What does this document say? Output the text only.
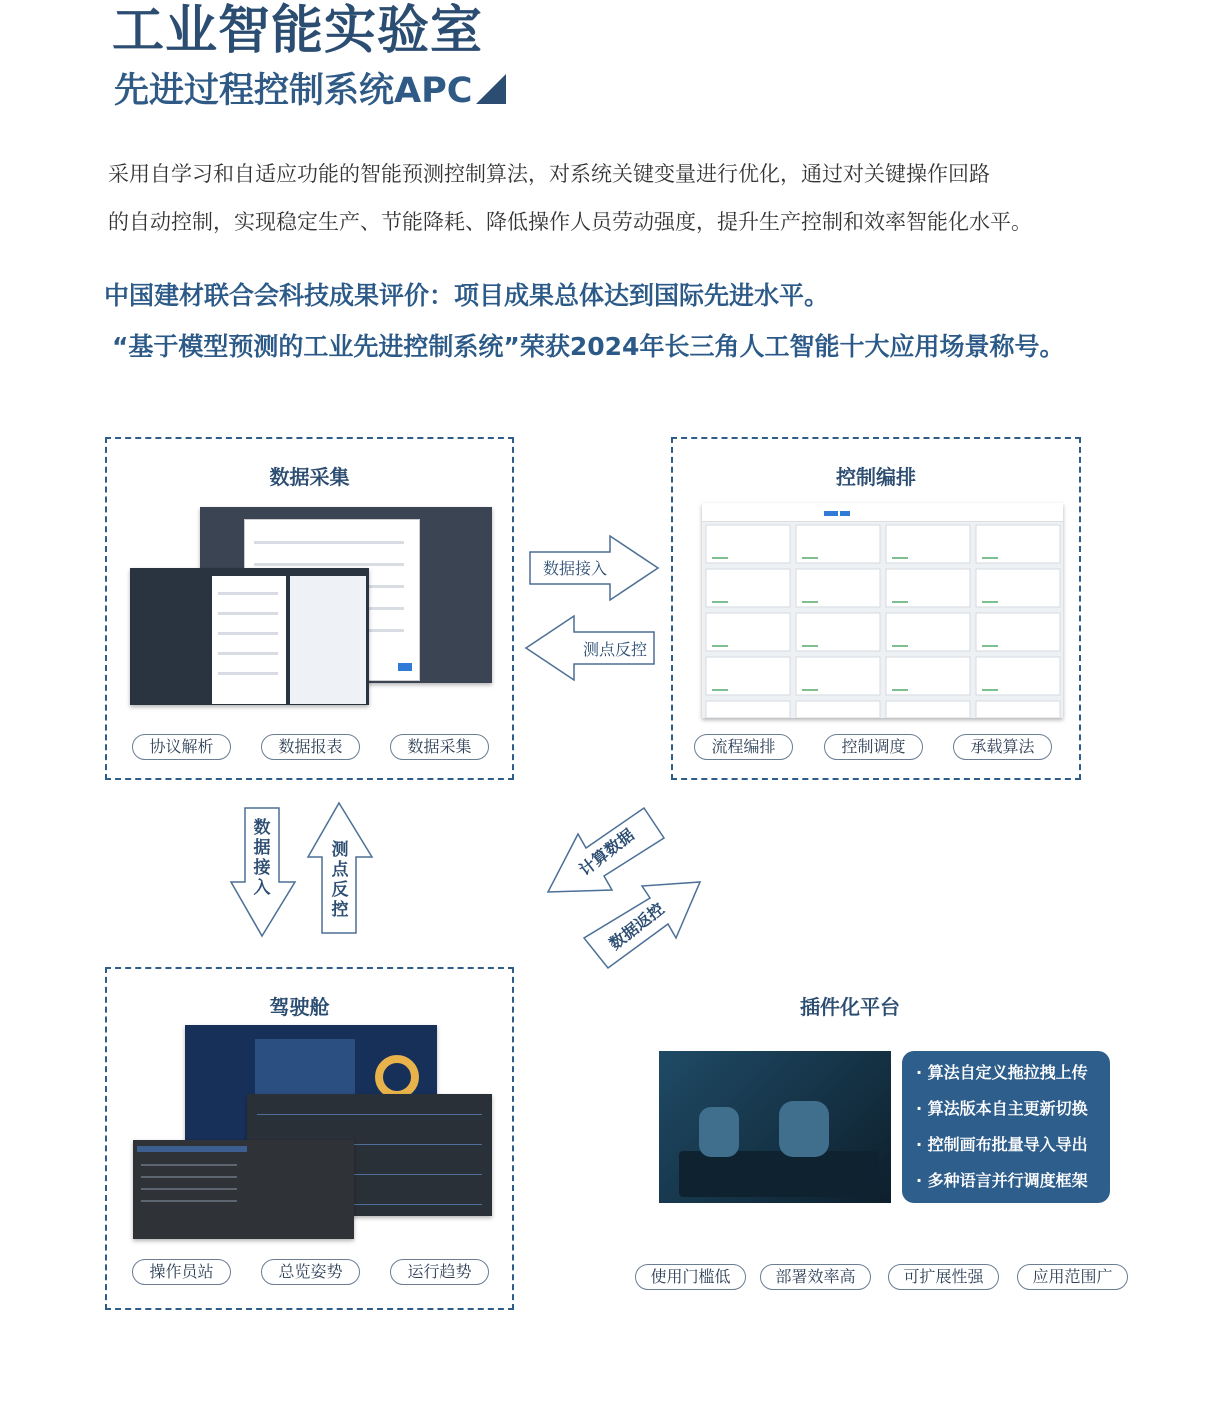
工业智能实验室
先进过程控制系统APC
采用自学习和自适应功能的智能预测控制算法，对系统关键变量进行优化，通过对关键操作回路
的自动控制，实现稳定生产、节能降耗、降低操作人员劳动强度，提升生产控制和效率智能化水平。
中国建材联合会科技成果评价：项目成果总体达到国际先进水平。
“基于模型预测的工业先进控制系统”荣获2024年长三角人工智能十大应用场景称号。
数据采集
协议解析	数据报表	数据采集
控制编排
流程编排	控制调度	承载算法
数据接入
测点反控
数
据
接
入
测
点
反
控
计算数据
数据返控
驾驶舱
操作员站	总览姿势	运行趋势
插件化平台
· 算法自定义拖拉拽上传
· 算法版本自主更新切换
· 控制画布批量导入导出
· 多种语言并行调度框架
使用门槛低	部署效率高	可扩展性强	应用范围广
